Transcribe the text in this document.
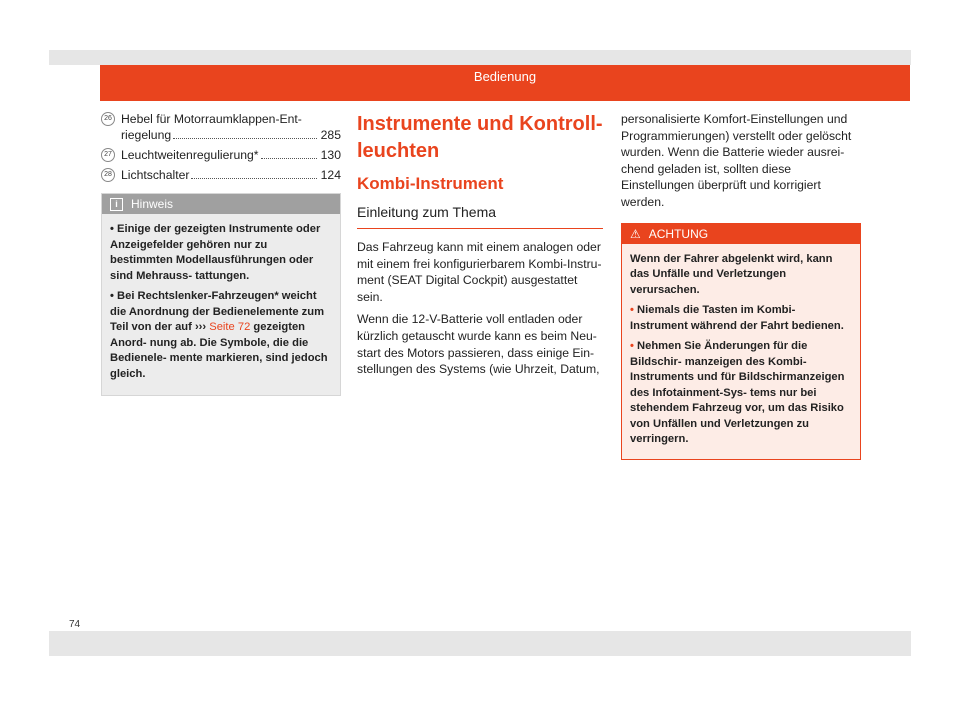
Bedienung
26 Hebel für Motorraumklappen-Ent-
riegelung	285
27 Leuchtweitenregulierung*	130
28 Lichtschalter	124
i	Hinweis

• Einige der gezeigten Instrumente oder Anzeigefelder gehören nur zu bestimmten Modellausführungen oder sind Mehrauss- tattungen.

• Bei Rechtslenker-Fahrzeugen* weicht die Anordnung der Bedienelemente zum Teil von der auf ››› Seite 72 gezeigten Anord- nung ab. Die Symbole, die die Bedienele- mente markieren, sind jedoch gleich.

Instrumente und Kontroll- leuchten
Kombi-Instrument
Einleitung zum Thema

Das Fahrzeug kann mit einem analogen oder mit einem frei konfigurierbarem Kombi-Instru- ment (SEAT Digital Cockpit) ausgestattet sein.

Wenn die 12-V-Batterie voll entladen oder kürzlich getauscht wurde kann es beim Neu- start des Motors passieren, dass einige Ein- stellungen des Systems (wie Uhrzeit, Datum,

personalisierte Komfort-Einstellungen und Programmierungen) verstellt oder gelöscht wurden. Wenn die Batterie wieder ausrei- chend geladen ist, sollten diese Einstellungen überprüft und korrigiert werden.

⚠ ACHTUNG

Wenn der Fahrer abgelenkt wird, kann das Unfälle und Verletzungen verursachen.

• Niemals die Tasten im Kombi-Instrument während der Fahrt bedienen.

• Nehmen Sie Änderungen für die Bildschir- manzeigen des Kombi-Instruments und für Bildschirmanzeigen des Infotainment-Sys- tems nur bei stehendem Fahrzeug vor, um das Risiko von Unfällen und Verletzungen zu verringern.

74
